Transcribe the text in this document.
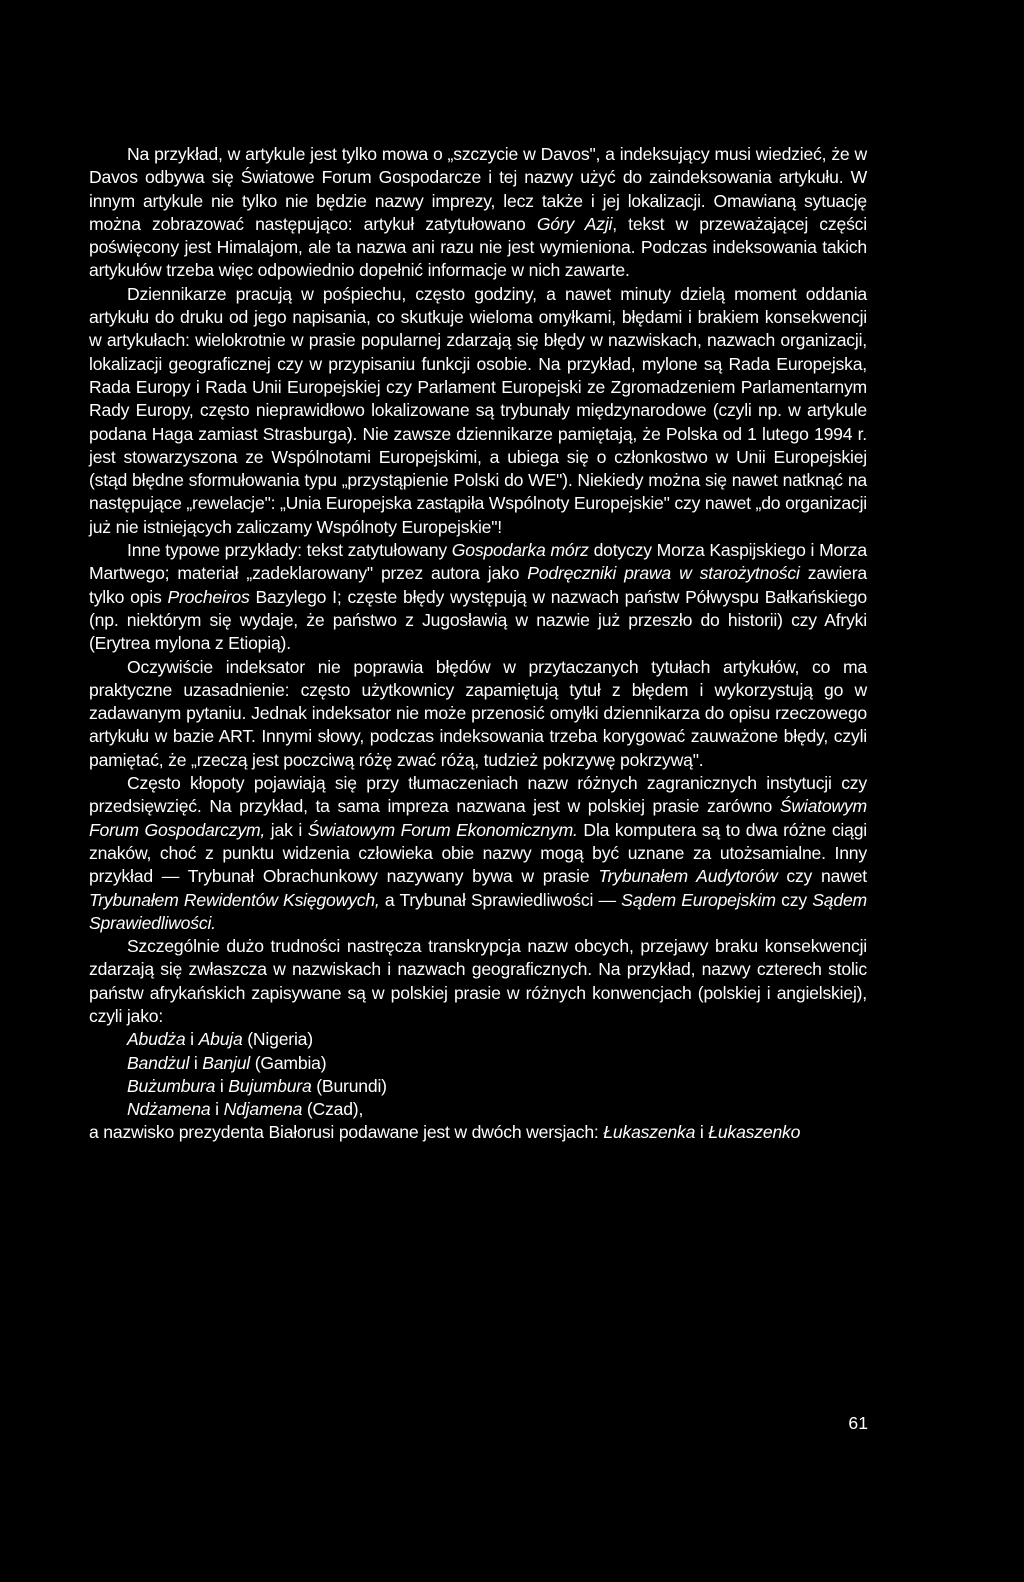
Na przykład, w artykule jest tylko mowa o „szczycie w Davos", a indeksujący musi wiedzieć, że w Davos odbywa się Światowe Forum Gospodarcze i tej nazwy użyć do zaindeksowania artykułu. W innym artykule nie tylko nie będzie nazwy imprezy, lecz także i jej lokalizacji. Omawianą sytuację można zobrazować następująco: artykuł zatytułowano Góry Azji, tekst w przeważającej części poświęcony jest Himalajom, ale ta nazwa ani razu nie jest wymieniona. Podczas indeksowania takich artykułów trzeba więc odpowiednio dopełnić informacje w nich zawarte.

Dziennikarze pracują w pośpiechu, często godziny, a nawet minuty dzielą moment oddania artykułu do druku od jego napisania, co skutkuje wieloma omyłkami, błędami i brakiem konsekwencji w artykułach: wielokrotnie w prasie popularnej zdarzają się błędy w nazwiskach, nazwach organizacji, lokalizacji geograficznej czy w przypisaniu funkcji osobie. Na przykład, mylone są Rada Europejska, Rada Europy i Rada Unii Europejskiej czy Parlament Europejski ze Zgromadzeniem Parlamentarnym Rady Europy, często nieprawidłowo lokalizowane są trybunały międzynarodowe (czyli np. w artykule podana Haga zamiast Strasburga). Nie zawsze dziennikarze pamiętają, że Polska od 1 lutego 1994 r. jest stowarzyszona ze Wspólnotami Europejskimi, a ubiega się o członkostwo w Unii Europejskiej (stąd błędne sformułowania typu „przystąpienie Polski do WE"). Niekiedy można się nawet natknąć na następujące „rewelacje": „Unia Europejska zastąpiła Wspólnoty Europejskie" czy nawet „do organizacji już nie istniejących zaliczamy Wspólnoty Europejskie"!

Inne typowe przykłady: tekst zatytułowany Gospodarka mórz dotyczy Morza Kaspijskiego i Morza Martwego; materiał „zadeklarowany" przez autora jako Podręczniki prawa w starożytności zawiera tylko opis Procheiros Bazylego I; częste błędy występują w nazwach państw Półwyspu Bałkańskiego (np. niektórym się wydaje, że państwo z Jugosławią w nazwie już przeszło do historii) czy Afryki (Erytrea mylona z Etiopią).

Oczywiście indeksator nie poprawia błędów w przytaczanych tytułach artykułów, co ma praktyczne uzasadnienie: często użytkownicy zapamiętują tytuł z błędem i wykorzystują go w zadawanym pytaniu. Jednak indeksator nie może przenosić omyłki dziennikarza do opisu rzeczowego artykułu w bazie ART. Innymi słowy, podczas indeksowania trzeba korygować zauważone błędy, czyli pamiętać, że „rzeczą jest poczciwą różę zwać różą, tudzież pokrzywę pokrzywą".

Często kłopoty pojawiają się przy tłumaczeniach nazw różnych zagranicznych instytucji czy przedsięwzięć. Na przykład, ta sama impreza nazwana jest w polskiej prasie zarówno Światowym Forum Gospodarczym, jak i Światowym Forum Ekonomicznym. Dla komputera są to dwa różne ciągi znaków, choć z punktu widzenia człowieka obie nazwy mogą być uznane za utożsamialne. Inny przykład — Trybunał Obrachunkowy nazywany bywa w prasie Trybunałem Audytorów czy nawet Trybunałem Rewidentów Księgowych, a Trybunał Sprawiedliwości — Sądem Europejskim czy Sądem Sprawiedliwości.

Szczególnie dużo trudności nastręcza transkrypcja nazw obcych, przejawy braku konsekwencji zdarzają się zwłaszcza w nazwiskach i nazwach geograficznych. Na przykład, nazwy czterech stolic państw afrykańskich zapisywane są w polskiej prasie w różnych konwencjach (polskiej i angielskiej), czyli jako:

Abudża i Abuja (Nigeria)
Bandżul i Banjul (Gambia)
Bużumbura i Bujumbura (Burundi)
Ndżamena i Ndjamena (Czad),

a nazwisko prezydenta Białorusi podawane jest w dwóch wersjach: Łukaszenka i Łukaszenko

61
